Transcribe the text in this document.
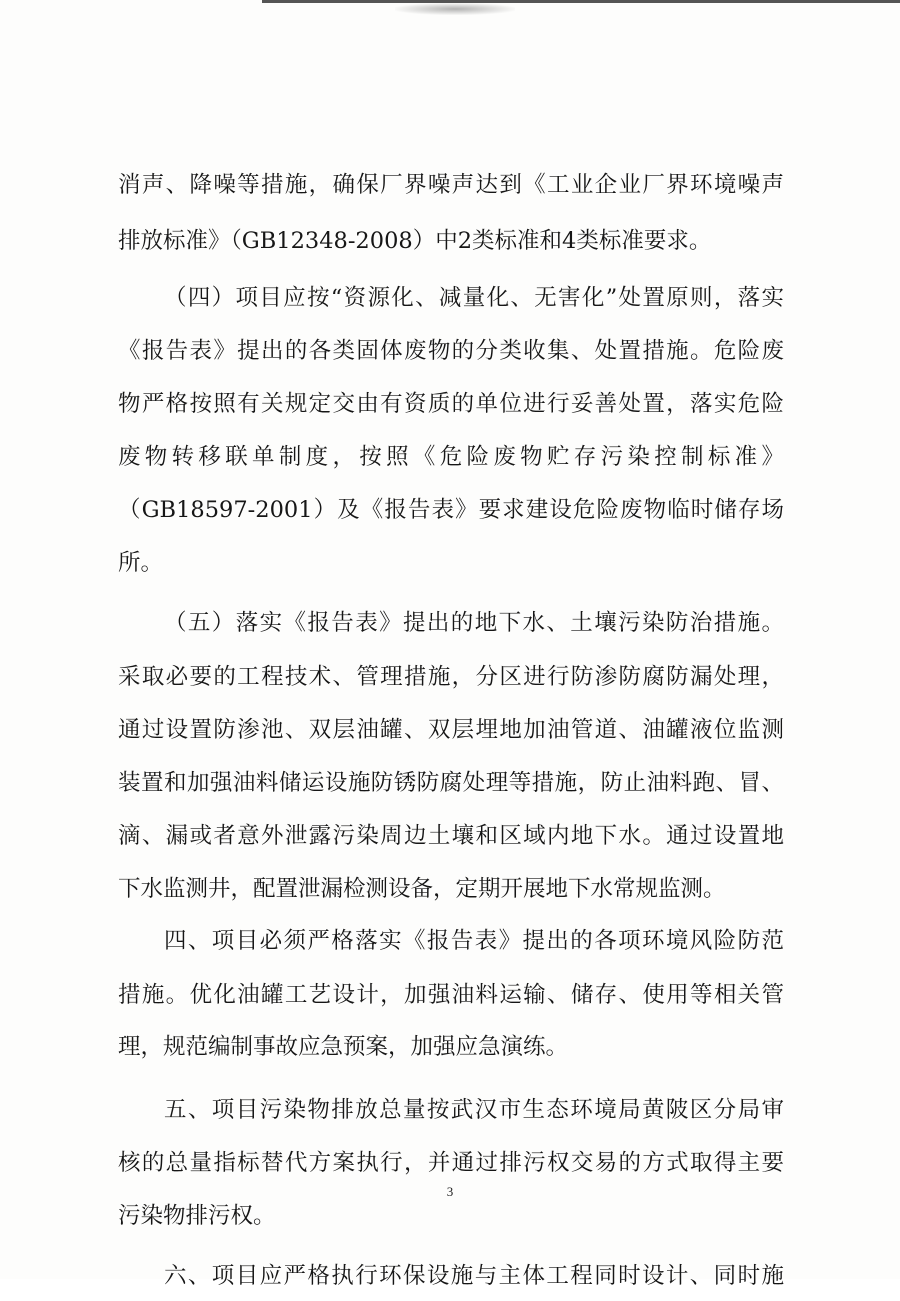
消声、降噪等措施，确保厂界噪声达到《工业企业厂界环境噪声
排放标准》（GB12348-2008）中2类标准和4类标准要求。
（四）项目应按“资源化、减量化、无害化”处置原则，落实
《报告表》提出的各类固体废物的分类收集、处置措施。危险废
物严格按照有关规定交由有资质的单位进行妥善处置，落实危险
废物转移联单制度，按照《危险废物贮存污染控制标准》
（GB18597-2001）及《报告表》要求建设危险废物临时储存场
所。
（五）落实《报告表》提出的地下水、土壤污染防治措施。
采取必要的工程技术、管理措施，分区进行防渗防腐防漏处理，
通过设置防渗池、双层油罐、双层埋地加油管道、油罐液位监测
装置和加强油料储运设施防锈防腐处理等措施，防止油料跑、冒、
滴、漏或者意外泄露污染周边土壤和区域内地下水。通过设置地
下水监测井，配置泄漏检测设备，定期开展地下水常规监测。
四、项目必须严格落实《报告表》提出的各项环境风险防范
措施。优化油罐工艺设计，加强油料运输、储存、使用等相关管
理，规范编制事故应急预案，加强应急演练。
五、项目污染物排放总量按武汉市生态环境局黄陂区分局审
核的总量指标替代方案执行，并通过排污权交易的方式取得主要
污染物排污权。
六、项目应严格执行环保设施与主体工程同时设计、同时施
3
